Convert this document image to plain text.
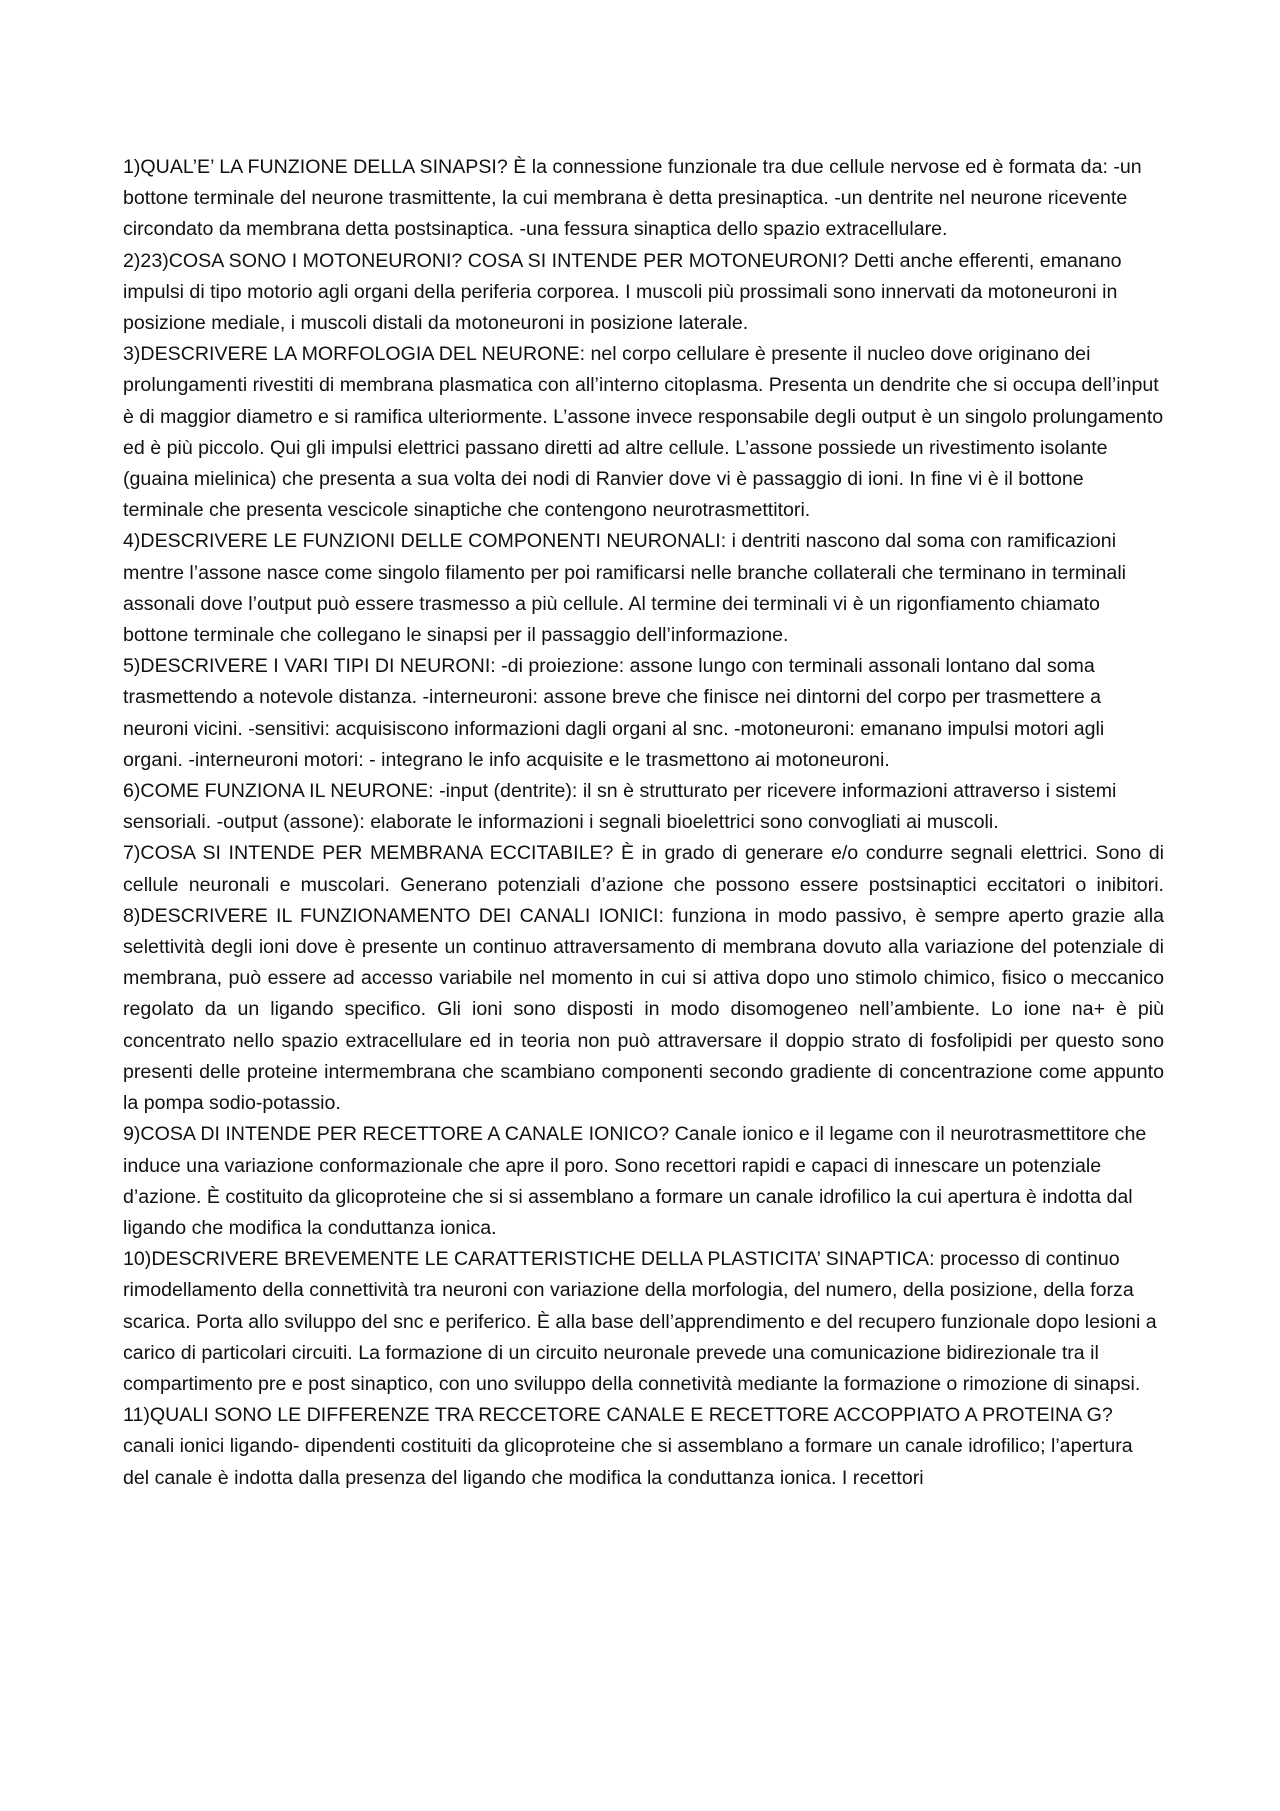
1)QUAL’E’ LA FUNZIONE DELLA SINAPSI? È la connessione funzionale tra due cellule nervose ed è formata da: -un bottone terminale del neurone trasmittente, la cui membrana è detta presinaptica. -un dentrite nel neurone ricevente circondato da membrana detta postsinaptica. -una fessura sinaptica dello spazio extracellulare.

2)23)COSA SONO I MOTONEURONI? COSA SI INTENDE PER MOTONEURONI? Detti anche efferenti, emanano impulsi di tipo motorio agli organi della periferia corporea. I muscoli più prossimali sono innervati da motoneuroni in posizione mediale, i muscoli distali da motoneuroni in posizione laterale.

3)DESCRIVERE LA MORFOLOGIA DEL NEURONE: nel corpo cellulare è presente il nucleo dove originano dei prolungamenti rivestiti di membrana plasmatica con all’interno citoplasma. Presenta un dendrite che si occupa dell’input è di maggior diametro e si ramifica ulteriormente. L’assone invece responsabile degli output è un singolo prolungamento ed è più piccolo. Qui gli impulsi elettrici passano diretti ad altre cellule. L’assone possiede un rivestimento isolante (guaina mielinica) che presenta a sua volta dei nodi di Ranvier dove vi è passaggio di ioni. In fine vi è il bottone terminale che presenta vescicole sinaptiche che contengono neurotrasmettitori.

4)DESCRIVERE LE FUNZIONI DELLE COMPONENTI NEURONALI: i dentriti nascono dal soma con ramificazioni mentre l’assone nasce come singolo filamento per poi ramificarsi nelle branche collaterali che terminano in terminali assonali dove l’output può essere trasmesso a più cellule. Al termine dei terminali vi è un rigonfiamento chiamato bottone terminale che collegano le sinapsi per il passaggio dell’informazione.

5)DESCRIVERE I VARI TIPI DI NEURONI: -di proiezione: assone lungo con terminali assonali lontano dal soma trasmettendo a notevole distanza. -interneuroni: assone breve che finisce nei dintorni del corpo per trasmettere a neuroni vicini. -sensitivi: acquisiscono informazioni dagli organi al snc. -motoneuroni: emanano impulsi motori agli organi. -interneuroni motori: - integrano le info acquisite e le trasmettono ai motoneuroni.

6)COME FUNZIONA IL NEURONE: -input (dentrite): il sn è strutturato per ricevere informazioni attraverso i sistemi sensoriali. -output (assone): elaborate le informazioni i segnali bioelettrici sono convogliati ai muscoli.

7)COSA SI INTENDE PER MEMBRANA ECCITABILE? È in grado di generare e/o condurre segnali elettrici. Sono di cellule neuronali e muscolari. Generano potenziali d’azione che possono essere postsinaptici eccitatori o inibitori. 8)DESCRIVERE IL FUNZIONAMENTO DEI CANALI IONICI: funziona in modo passivo, è sempre aperto grazie alla selettività degli ioni dove è presente un continuo attraversamento di membrana dovuto alla variazione del potenziale di membrana, può essere ad accesso variabile nel momento in cui si attiva dopo uno stimolo chimico, fisico o meccanico regolato da un ligando specifico. Gli ioni sono disposti in modo disomogeneo nell’ambiente. Lo ione na+ è più concentrato nello spazio extracellulare ed in teoria non può attraversare il doppio strato di fosfolipidi per questo sono presenti delle proteine intermembrana che scambiano componenti secondo gradiente di concentrazione come appunto la pompa sodio-potassio.

9)COSA DI INTENDE PER RECETTORE A CANALE IONICO? Canale ionico e il legame con il neurotrasmettitore che induce una variazione conformazionale che apre il poro. Sono recettori rapidi e capaci di innescare un potenziale d’azione. È costituito da glicoproteine che si si assemblano a formare un canale idrofilico la cui apertura è indotta dal ligando che modifica la conduttanza ionica.

10)DESCRIVERE BREVEMENTE LE CARATTERISTICHE DELLA PLASTICITA’ SINAPTICA: processo di continuo rimodellamento della connettività tra neuroni con variazione della morfologia, del numero, della posizione, della forza scarica. Porta allo sviluppo del snc e periferico. È alla base dell’apprendimento e del recupero funzionale dopo lesioni a carico di particolari circuiti. La formazione di un circuito neuronale prevede una comunicazione bidirezionale tra il compartimento pre e post sinaptico, con uno sviluppo della connetività mediante la formazione o rimozione di sinapsi.

11)QUALI SONO LE DIFFERENZE TRA RECCETORE CANALE E RECETTORE ACCOPPIATO A PROTEINA G? canali ionici ligando- dipendenti costituiti da glicoproteine che si assemblano a formare un canale idrofilico; l’apertura del canale è indotta dalla presenza del ligando che modifica la conduttanza ionica. I recettori
